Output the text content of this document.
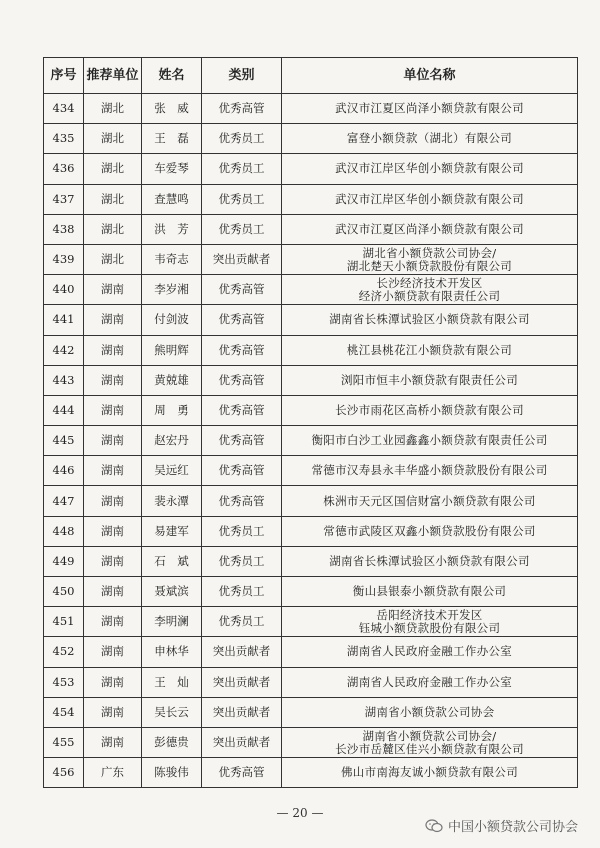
序号	推荐单位	姓名	类别	单位名称
434	湖北	张　威	优秀高管	武汉市江夏区尚泽小额贷款有限公司

435	湖北	王　磊	优秀员工	富登小额贷款（湖北）有限公司

436	湖北	车爱琴	优秀员工	武汉市江岸区华创小额贷款有限公司

437	湖北	查慧鸣	优秀员工	武汉市江岸区华创小额贷款有限公司

438	湖北	洪　芳	优秀员工	武汉市江夏区尚泽小额贷款有限公司

439	湖北	韦奇志	突出贡献者	湖北省小额贷款公司协会/
湖北楚天小额贷款股份有限公司

440	湖南	李岁湘	优秀高管	长沙经济技术开发区
经济小额贷款有限责任公司

441	湖南	付剑波	优秀高管	湖南省长株潭试验区小额贷款有限公司

442	湖南	熊明辉	优秀高管	桃江县桃花江小额贷款有限公司

443	湖南	黄兢雄	优秀高管	浏阳市恒丰小额贷款有限责任公司

444	湖南	周　勇	优秀高管	长沙市雨花区高桥小额贷款有限公司

445	湖南	赵宏丹	优秀高管	衡阳市白沙工业园鑫鑫小额贷款有限责任公司

446	湖南	吴远红	优秀高管	常德市汉寿县永丰华盛小额贷款股份有限公司

447	湖南	裴永潭	优秀高管	株洲市天元区国信财富小额贷款有限公司

448	湖南	易建军	优秀员工	常德市武陵区双鑫小额贷款股份有限公司

449	湖南	石　斌	优秀员工	湖南省长株潭试验区小额贷款有限公司

450	湖南	聂斌滨	优秀员工	衡山县银泰小额贷款有限公司

451	湖南	李明澜	优秀员工	岳阳经济技术开发区
钰城小额贷款股份有限公司

452	湖南	申林华	突出贡献者	湖南省人民政府金融工作办公室

453	湖南	王　灿	突出贡献者	湖南省人民政府金融工作办公室

454	湖南	吴长云	突出贡献者	湖南省小额贷款公司协会

455	湖南	彭德贵	突出贡献者	湖南省小额贷款公司协会/
长沙市岳麓区佳兴小额贷款有限公司

456	广东	陈骏伟	优秀高管	佛山市南海友诚小额贷款有限公司
— 20 —
中国小额贷款公司协会
